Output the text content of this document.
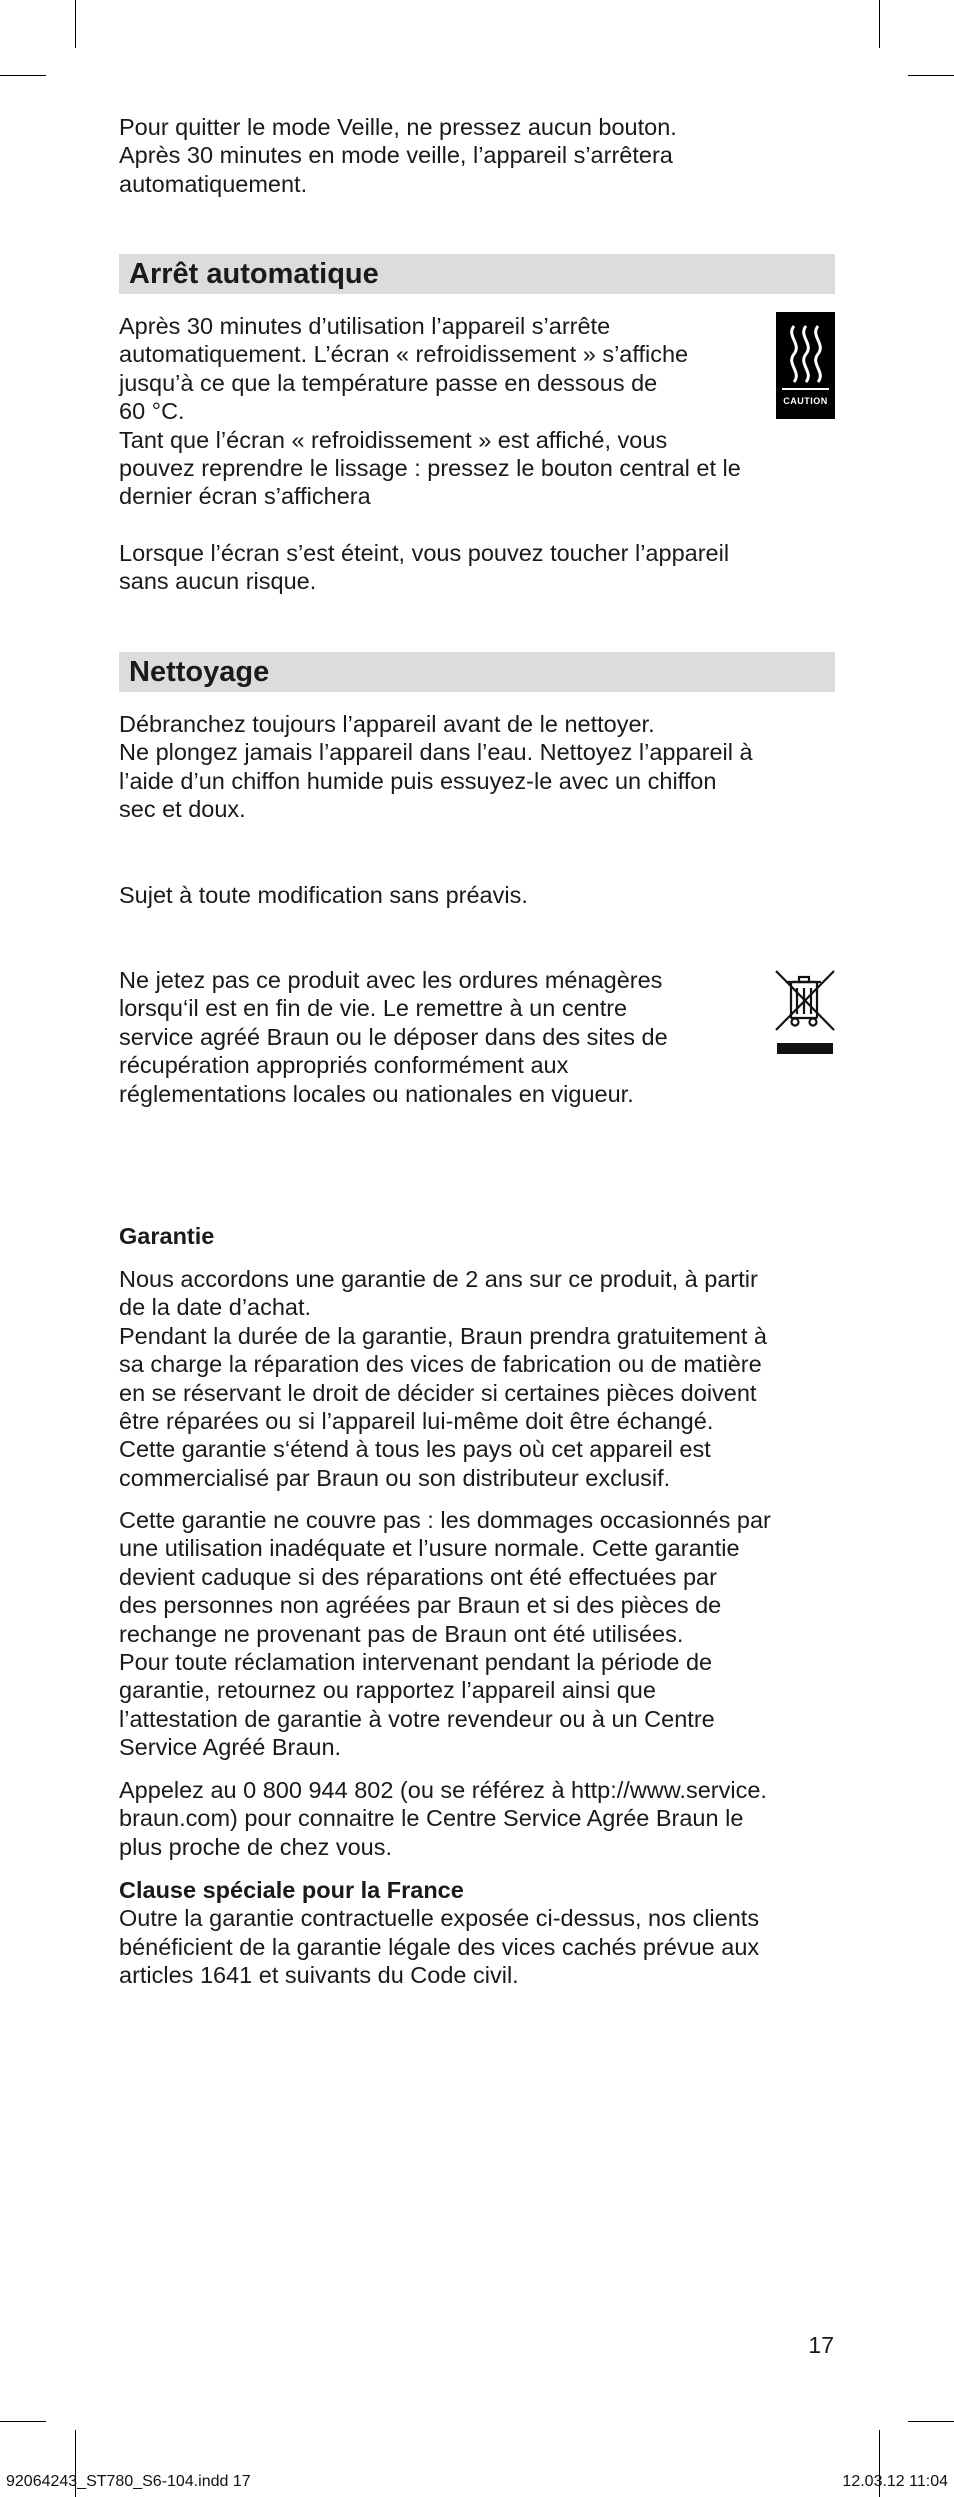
Pour quitter le mode Veille, ne pressez aucun bouton.

Après 30 minutes en mode veille, l’appareil s’arrêtera

automatiquement.

Arrêt automatique

Après 30 minutes d’utilisation l’appareil s’arrête

automatiquement. L’écran « refroidissement » s’affiche

jusqu’à ce que la température passe en dessous de

60 °C.

Tant que l’écran « refroidissement » est affiché, vous

pouvez reprendre le lissage : pressez le bouton central et le

dernier écran s’affichera

CAUTION

Lorsque l’écran s’est éteint, vous pouvez toucher l’appareil

sans aucun risque.

Nettoyage

Débranchez toujours l’appareil avant de le nettoyer.

Ne plongez jamais l’appareil dans l’eau. Nettoyez l’appareil à

l’aide d’un chiffon humide puis essuyez-le avec un chiffon

sec et doux.

Sujet à toute modification sans préavis.

Ne jetez pas ce produit avec les ordures ménagères

lorsqu‘il est en fin de vie. Le remettre à un centre

service agréé Braun ou le déposer dans des sites de

récupération appropriés conformément aux

réglementations locales ou nationales en vigueur.

Garantie

Nous accordons une garantie de 2 ans sur ce produit, à partir

de la date d’achat.

Pendant la durée de la garantie, Braun prendra gratuitement à

sa charge la réparation des vices de fabrication ou de matière

en se réservant le droit de décider si certaines pièces doivent

être réparées ou si l’appareil lui-même doit être échangé.

Cette garantie s‘étend à tous les pays où cet appareil est

commercialisé par Braun ou son distributeur exclusif.

Cette garantie ne couvre pas : les dommages occasionnés par

une utilisation inadéquate et l’usure normale. Cette garantie

devient caduque si des réparations ont été effectuées par

des personnes non agréées par Braun et si des pièces de

rechange ne provenant pas de Braun ont été utilisées.

Pour toute réclamation intervenant pendant la période de

garantie, retournez ou rapportez l’appareil ainsi que

l’attestation de garantie à votre revendeur ou à un Centre

Service Agréé Braun.

Appelez au 0 800 944 802 (ou se référez à http://www.service.

braun.com) pour connaitre le Centre Service Agrée Braun le

plus proche de chez vous.

Clause spéciale pour la France

Outre la garantie contractuelle exposée ci-dessus, nos clients

bénéficient de la garantie légale des vices cachés prévue aux

articles 1641 et suivants du Code civil.

17
92064243_ST780_S6-104.indd 17	12.03.12 11:04
